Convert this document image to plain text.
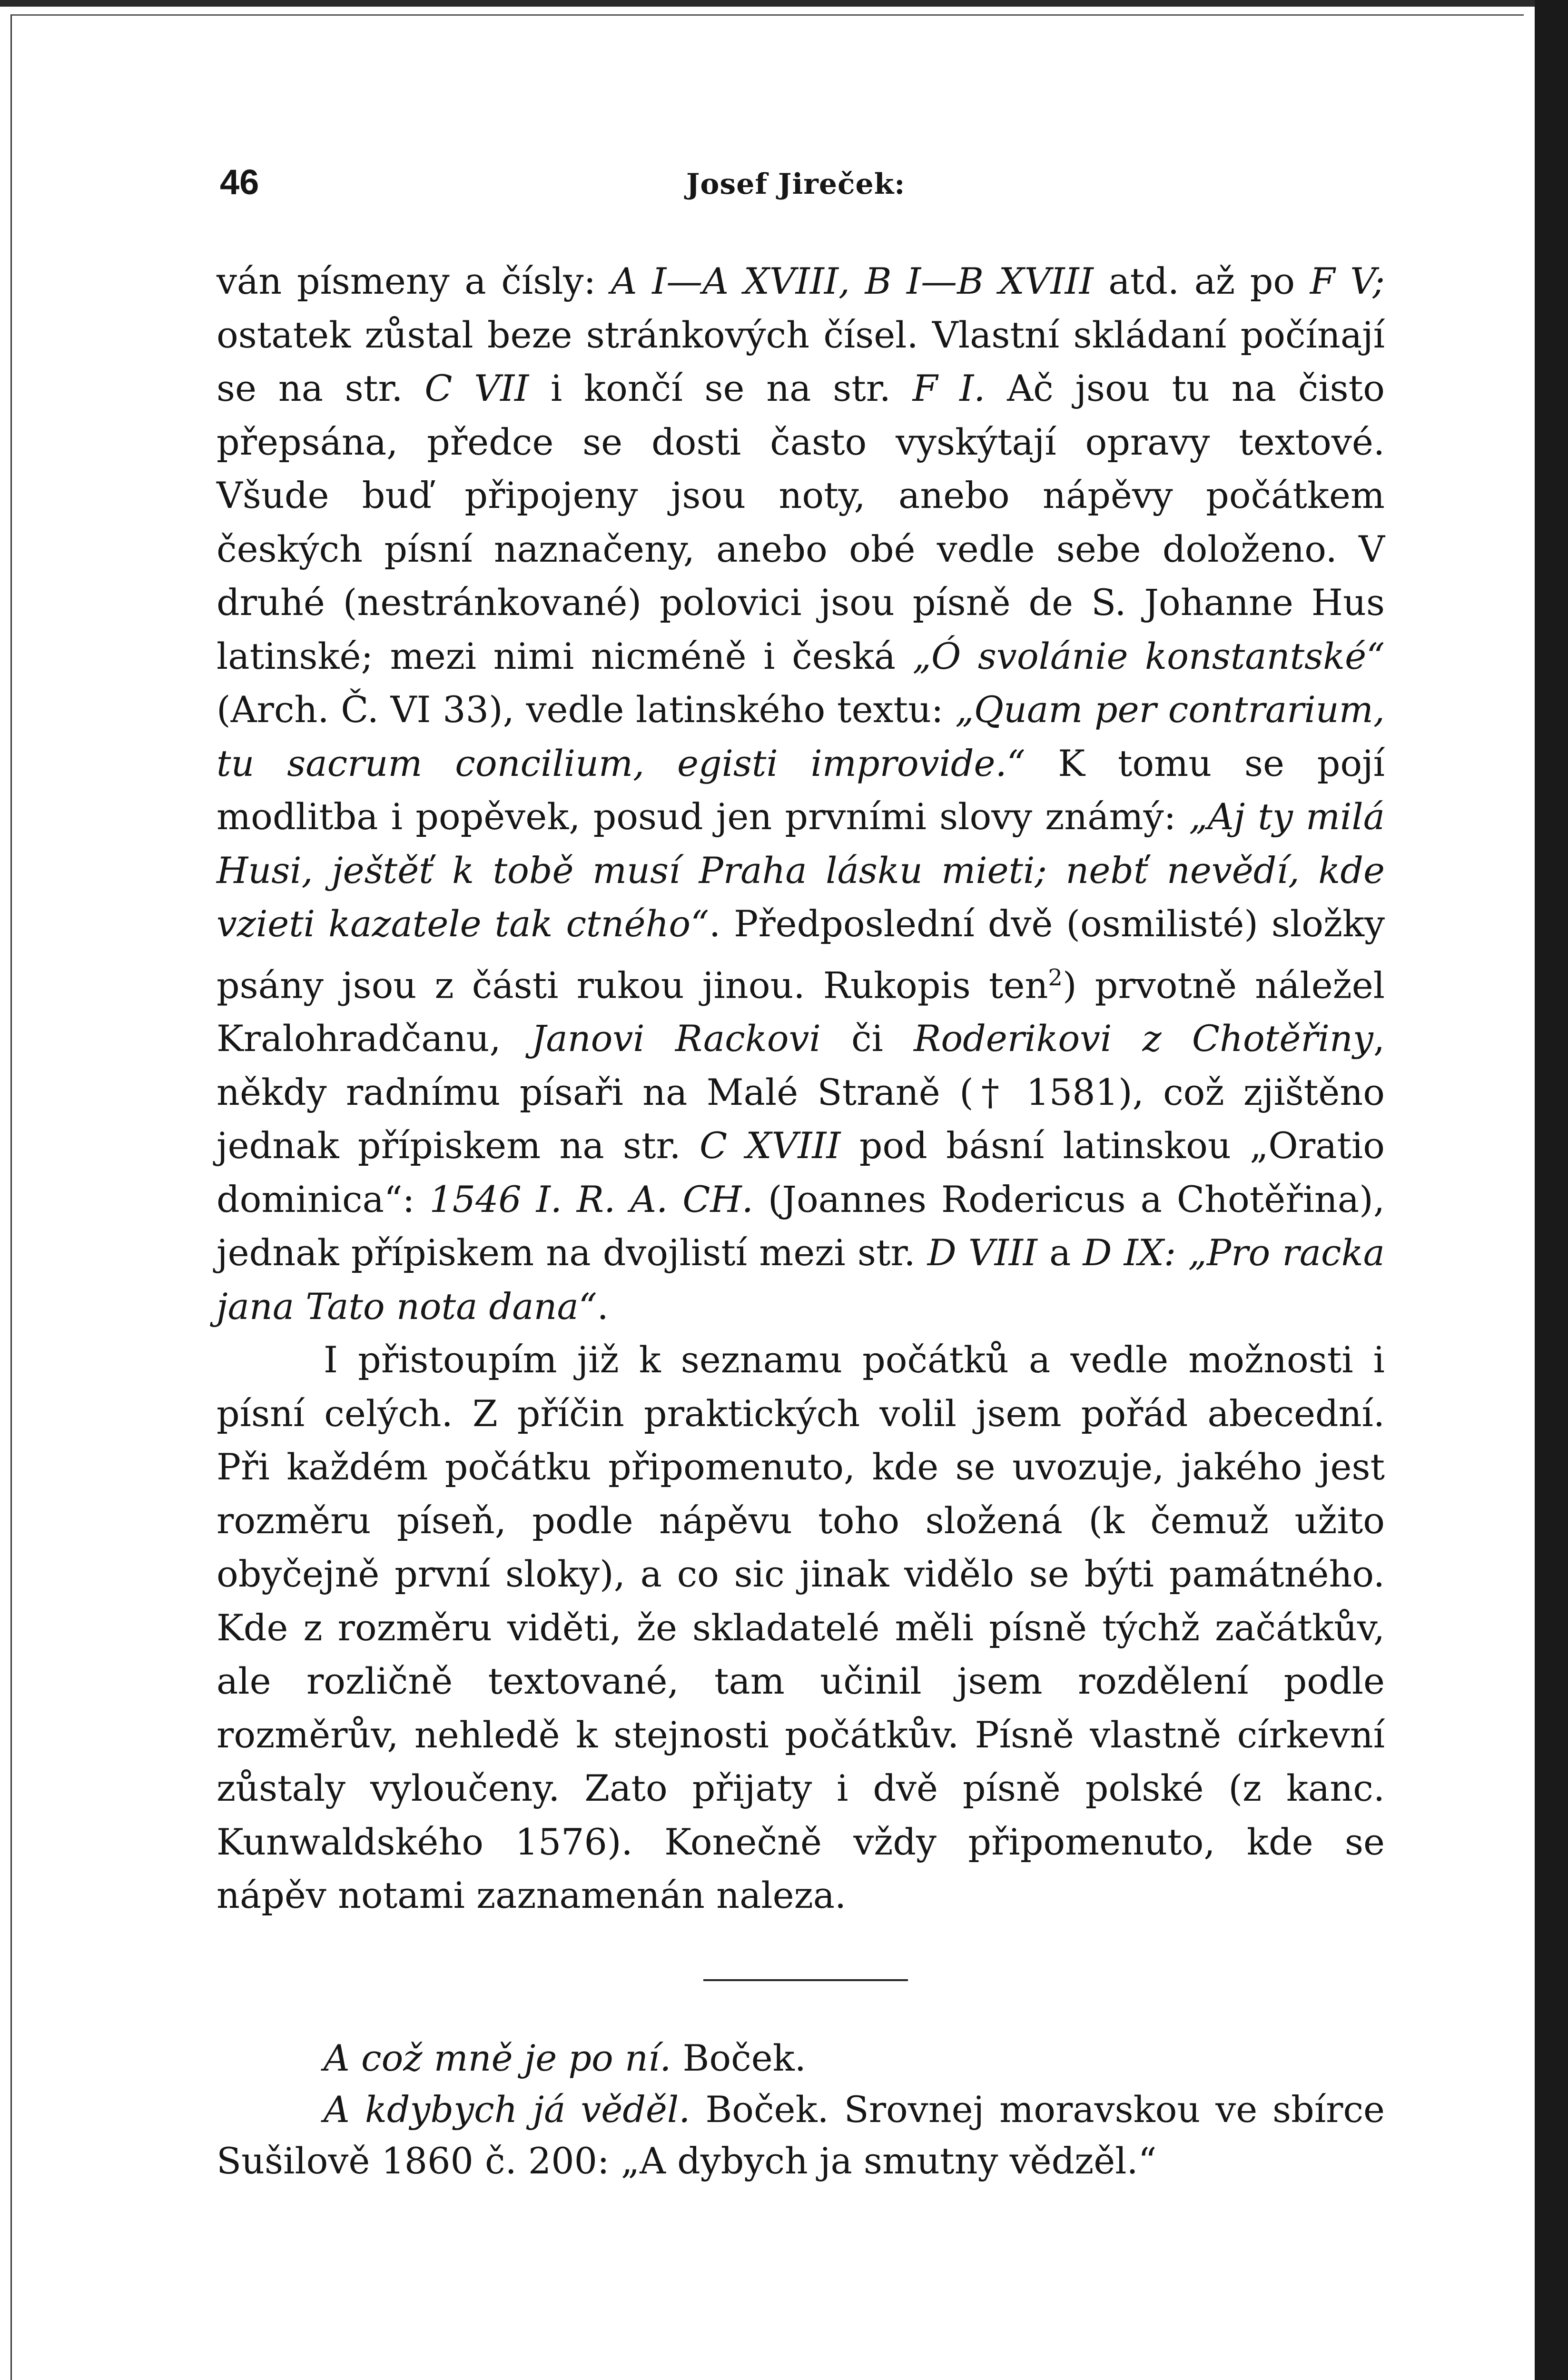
46	Josef Jireček:

ván písmeny a čísly: A I—A XVIII, B I—B XVIII atd. až po F V; ostatek zůstal beze stránkových čísel. Vlastní skládaní počínají se na str. C VII i končí se na str. F I. Ač jsou tu na čisto přepsána, předce se dosti často vyskýtají opravy textové. Všude buď připojeny jsou noty, anebo nápěvy počátkem českých písní naznačeny, anebo obé vedle sebe doloženo. V druhé (nestránkované) polovici jsou písně de S. Johanne Hus latinské; mezi nimi nicméně i česká „Ó svolánie konstantské“ (Arch. Č. VI 33), vedle latinského textu: „Quam per contrarium, tu sacrum concilium, egisti improvide.“ K tomu se pojí modlitba i popěvek, posud jen prvními slovy známý: „Aj ty milá Husi, ještěť k tobě musí Praha lásku mieti; nebť nevědí, kde vzieti kazatele tak ctného“. Předposlední dvě (osmilisté) složky psány jsou z části rukou jinou. Rukopis ten$^2$) prvotně náležel Kralohradčanu, Janovi Rackovi či Roderikovi z Chotěřiny, někdy radnímu písaři na Malé Straně († 1581), což zjištěno jednak přípiskem na str. C XVIII pod básní latinskou „Oratio dominica“: 1546 I. R. A. CH. (Joannes Rodericus a Chotěřina), jednak přípiskem na dvojlistí mezi str. D VIII a D IX: „Pro racka jana Tato nota dana“.

I přistoupím již k seznamu počátků a vedle možnosti i písní celých. Z příčin praktických volil jsem pořád abecední. Při každém počátku připomenuto, kde se uvozuje, jakého jest rozměru píseň, podle nápěvu toho složená (k čemuž užito obyčejně první sloky), a co sic jinak vidělo se býti památného. Kde z rozměru viděti, že skladatelé měli písně týchž začátkův, ale rozličně textované, tam učinil jsem rozdělení podle rozměrův, nehledě k stejnosti počátkův. Písně vlastně církevní zůstaly vyloučeny. Zato přijaty i dvě písně polské (z kanc. Kunwaldského 1576). Konečně vždy připomenuto, kde se nápěv notami zaznamenán naleza.

A což mně je po ní. Boček.

A kdybych já věděl. Boček. Srovnej moravskou ve sbírce Sušilově 1860 č. 200: „A dybych ja smutny vědzěl.“
